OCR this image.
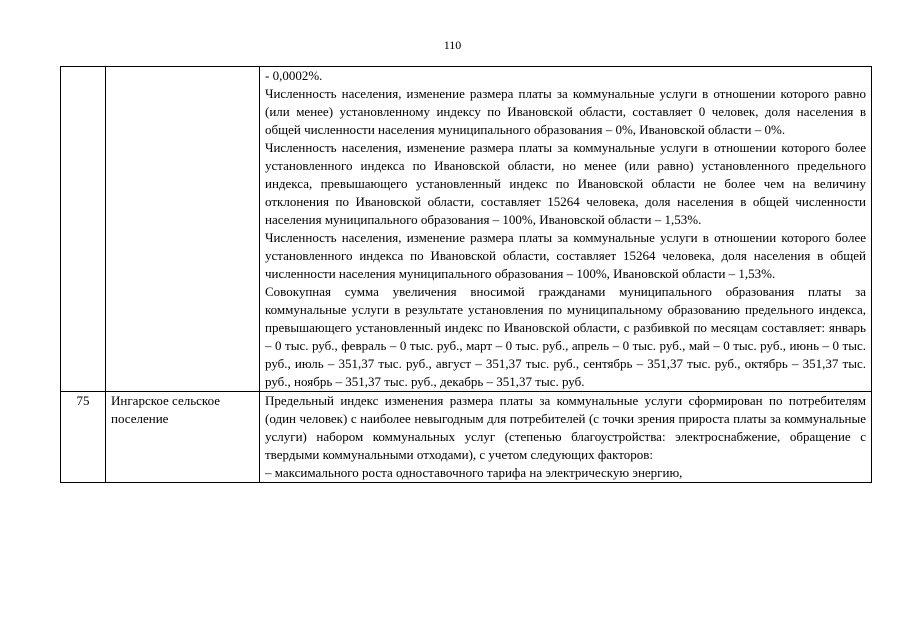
110

		- 0,0002%.

Численность населения, изменение размера платы за коммунальные услуги в отношении которого равно (или менее) установленному индексу по Ивановской области, составляет 0 человек, доля населения в общей численности населения муниципального образования – 0%, Ивановской области – 0%.

Численность населения, изменение размера платы за коммунальные услуги в отношении которого более установленного индекса по Ивановской области, но менее (или равно) установленного предельного индекса, превышающего установленный индекс по Ивановской области не более чем на величину отклонения по Ивановской области, составляет 15264 человека, доля населения в общей численности населения муниципального образования – 100%, Ивановской области – 1,53%.

Численность населения, изменение размера платы за коммунальные услуги в отношении которого более установленного индекса по Ивановской области, составляет 15264 человека, доля населения в общей численности населения муниципального образования – 100%, Ивановской области – 1,53%.

Совокупная сумма увеличения вносимой гражданами муниципального образования платы за коммунальные услуги в результате установления по муниципальному образованию предельного индекса, превышающего установленный индекс по Ивановской области, с разбивкой по месяцам составляет: январь – 0 тыс. руб., февраль – 0 тыс. руб., март – 0 тыс. руб., апрель – 0 тыс. руб., май – 0 тыс. руб., июнь – 0 тыс. руб., июль – 351,37 тыс. руб., август – 351,37 тыс. руб., сентябрь – 351,37 тыс. руб., октябрь – 351,37 тыс. руб., ноябрь – 351,37 тыс. руб., декабрь – 351,37 тыс. руб.

75	Ингарское сельское поселение	Предельный индекс изменения размера платы за коммунальные услуги сформирован по потребителям (один человек) с наиболее невыгодным для потребителей (с точки зрения прироста платы за коммунальные услуги) набором коммунальных услуг (степенью благоустройства: электроснабжение, обращение с твердыми коммунальными отходами), с учетом следующих факторов:

– максимального роста одноставочного тарифа на электрическую энергию,
